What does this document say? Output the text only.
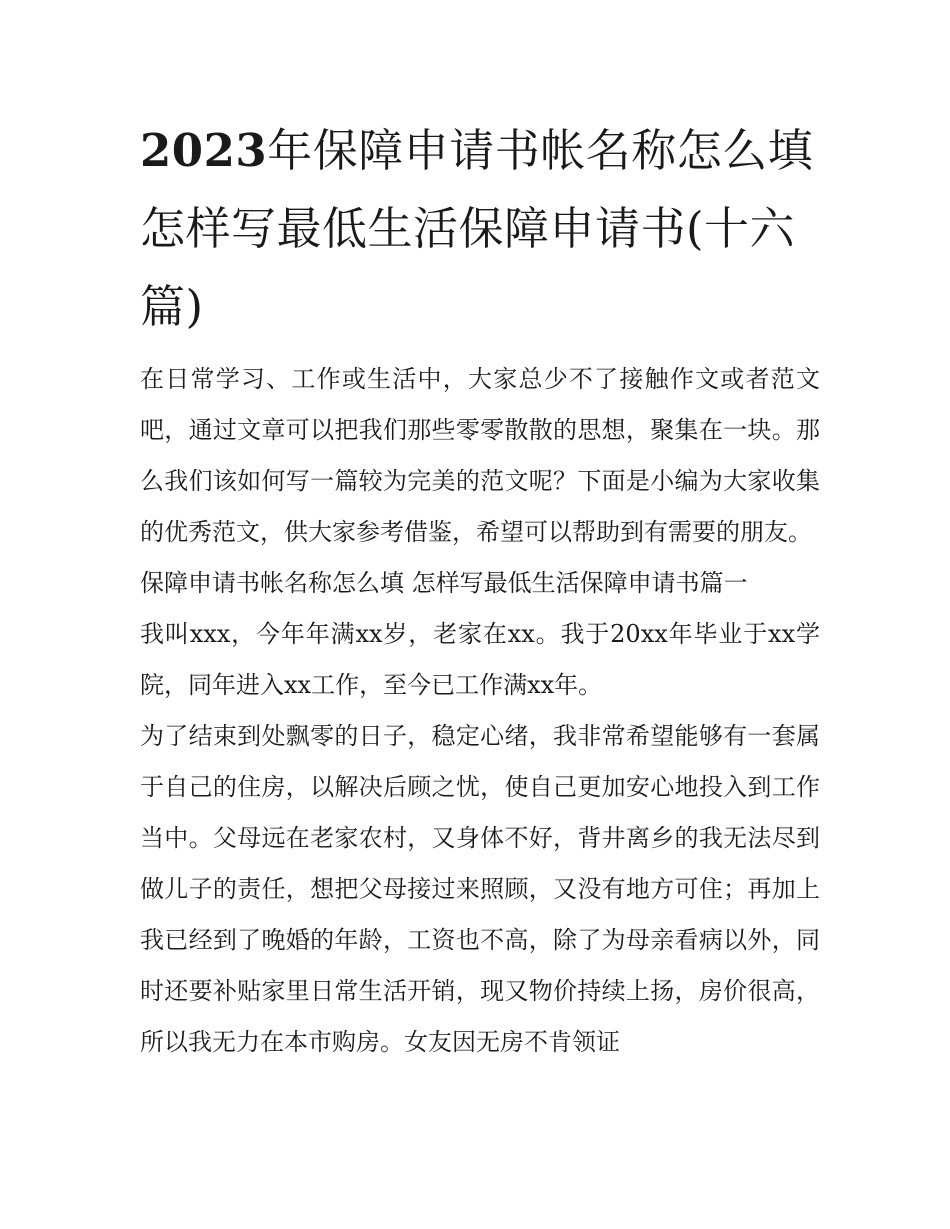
2023年保障申请书帐名称怎么填 怎样写最低生活保障申请书(十六篇)

在日常学习、工作或生活中，大家总少不了接触作文或者范文吧，通过文章可以把我们那些零零散散的思想，聚集在一块。那么我们该如何写一篇较为完美的范文呢？下面是小编为大家收集的优秀范文，供大家参考借鉴，希望可以帮助到有需要的朋友。

保障申请书帐名称怎么填 怎样写最低生活保障申请书篇一

我叫xxx，今年年满xx岁，老家在xx。我于20xx年毕业于xx学院，同年进入xx工作，至今已工作满xx年。

为了结束到处飘零的日子，稳定心绪，我非常希望能够有一套属于自己的住房，以解决后顾之忧，使自己更加安心地投入到工作当中。父母远在老家农村，又身体不好，背井离乡的我无法尽到做儿子的责任，想把父母接过来照顾，又没有地方可住；再加上我已经到了晚婚的年龄，工资也不高，除了为母亲看病以外，同时还要补贴家里日常生活开销，现又物价持续上扬，房价很高，所以我无力在本市购房。女友因无房不肯领证
